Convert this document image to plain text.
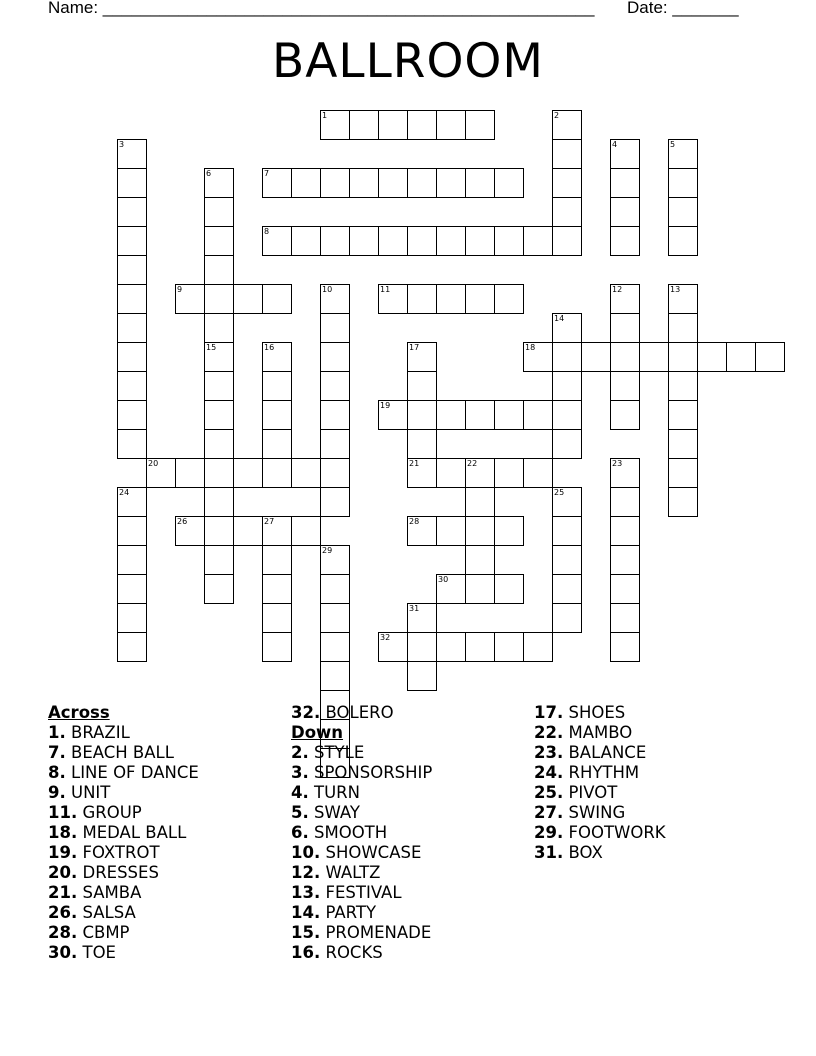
Name: ____________________________________________________ Date: _______
BALLROOM
1
7
8
9	11
18
19
20	21	22
26	27	28
30
32
2
3	4	5
6
10	12	13
14
15	16	17
23
24	25
29
31
Across
1. BRAZIL
7. BEACH BALL
8. LINE OF DANCE
9. UNIT
11. GROUP
18. MEDAL BALL
19. FOXTROT
20. DRESSES
21. SAMBA
26. SALSA
28. CBMP
30. TOE
32. BOLERO
Down
2. STYLE
3. SPONSORSHIP
4. TURN
5. SWAY
6. SMOOTH
10. SHOWCASE
12. WALTZ
13. FESTIVAL
14. PARTY
15. PROMENADE
16. ROCKS
17. SHOES
22. MAMBO
23. BALANCE
24. RHYTHM
25. PIVOT
27. SWING
29. FOOTWORK
31. BOX
